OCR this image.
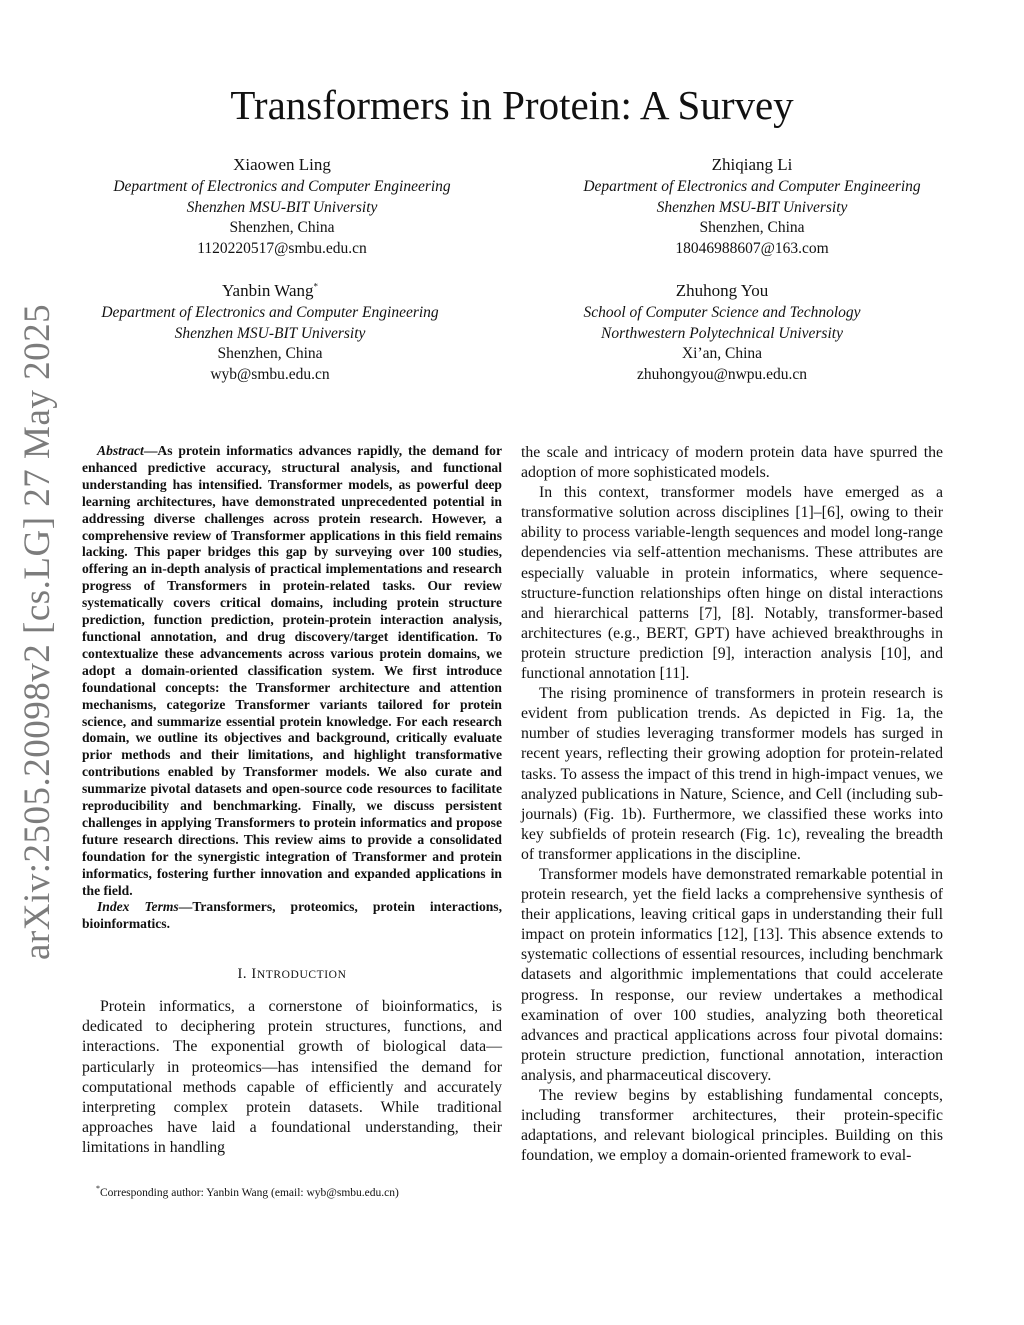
arXiv:2505.20098v2 [cs.LG] 27 May 2025
Transformers in Protein: A Survey
Xiaowen Ling
Department of Electronics and Computer Engineering
Shenzhen MSU-BIT University
Shenzhen, China
1120220517@smbu.edu.cn
Zhiqiang Li
Department of Electronics and Computer Engineering
Shenzhen MSU-BIT University
Shenzhen, China
18046988607@163.com
Yanbin Wang*
Department of Electronics and Computer Engineering
Shenzhen MSU-BIT University
Shenzhen, China
wyb@smbu.edu.cn
Zhuhong You
School of Computer Science and Technology
Northwestern Polytechnical University
Xi’an, China
zhuhongyou@nwpu.edu.cn

Abstract—As protein informatics advances rapidly, the demand for enhanced predictive accuracy, structural analysis, and functional understanding has intensified. Transformer models, as powerful deep learning architectures, have demonstrated unprecedented potential in addressing diverse challenges across protein research. However, a comprehensive review of Transformer applications in this field remains lacking. This paper bridges this gap by surveying over 100 studies, offering an in-depth analysis of practical implementations and research progress of Transformers in protein-related tasks. Our review systematically covers critical domains, including protein structure prediction, function prediction, protein-protein interaction analysis, functional annotation, and drug discovery/target identification. To contextualize these advancements across various protein domains, we adopt a domain-oriented classification system. We first introduce foundational concepts: the Transformer architecture and attention mechanisms, categorize Transformer variants tailored for protein science, and summarize essential protein knowledge. For each research domain, we outline its objectives and background, critically evaluate prior methods and their limitations, and highlight transformative contributions enabled by Transformer models. We also curate and summarize pivotal datasets and open-source code resources to facilitate reproducibility and benchmarking. Finally, we discuss persistent challenges in applying Transformers to protein informatics and propose future research directions. This review aims to provide a consolidated foundation for the synergistic integration of Transformer and protein informatics, fostering further innovation and expanded applications in the field.

Index Terms—Transformers, proteomics, protein interactions, bioinformatics.

I. INTRODUCTION

Protein informatics, a cornerstone of bioinformatics, is dedicated to deciphering protein structures, functions, and interactions. The exponential growth of biological data—particularly in proteomics—has intensified the demand for computational methods capable of efficiently and accurately interpreting complex protein datasets. While traditional approaches have laid a foundational understanding, their limitations in handling

the scale and intricacy of modern protein data have spurred the adoption of more sophisticated models.

In this context, transformer models have emerged as a transformative solution across disciplines [1]–[6], owing to their ability to process variable-length sequences and model long-range dependencies via self-attention mechanisms. These attributes are especially valuable in protein informatics, where sequence-structure-function relationships often hinge on distal interactions and hierarchical patterns [7], [8]. Notably, transformer-based architectures (e.g., BERT, GPT) have achieved breakthroughs in protein structure prediction [9], interaction analysis [10], and functional annotation [11].

The rising prominence of transformers in protein research is evident from publication trends. As depicted in Fig. 1a, the number of studies leveraging transformer models has surged in recent years, reflecting their growing adoption for protein-related tasks. To assess the impact of this trend in high-impact venues, we analyzed publications in Nature, Science, and Cell (including sub-journals) (Fig. 1b). Furthermore, we classified these works into key subfields of protein research (Fig. 1c), revealing the breadth of transformer applications in the discipline.

Transformer models have demonstrated remarkable potential in protein research, yet the field lacks a comprehensive synthesis of their applications, leaving critical gaps in understanding their full impact on protein informatics [12], [13]. This absence extends to systematic collections of essential resources, including benchmark datasets and algorithmic implementations that could accelerate progress. In response, our review undertakes a methodical examination of over 100 studies, analyzing both theoretical advances and practical applications across four pivotal domains: protein structure prediction, functional annotation, interaction analysis, and pharmaceutical discovery.

The review begins by establishing fundamental concepts, including transformer architectures, their protein-specific adaptations, and relevant biological principles. Building on this foundation, we employ a domain-oriented framework to eval-

*Corresponding author: Yanbin Wang (email: wyb@smbu.edu.cn)
